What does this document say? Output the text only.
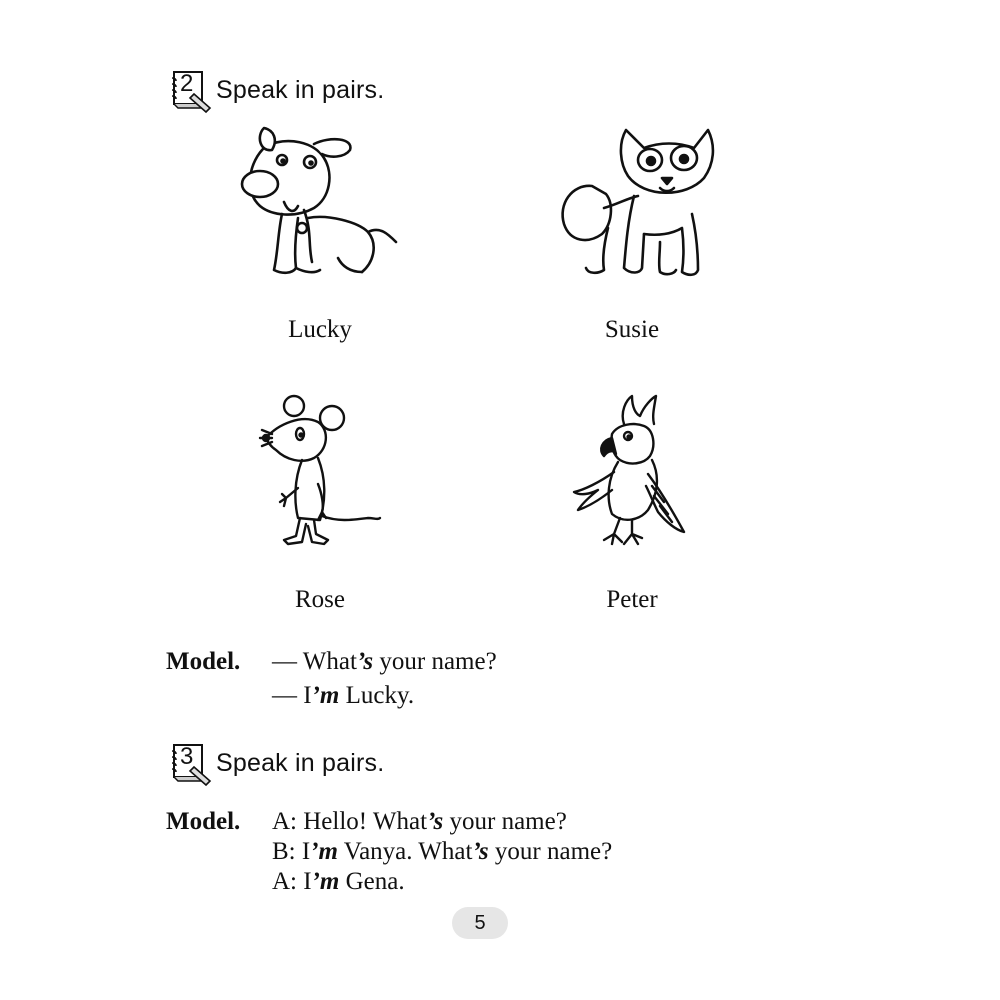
2 Speak in pairs.
Lucky	Susie
Rose	Peter
Model. — What’s your name?
— I’m Lucky.
3 Speak in pairs.
Model. A: Hello! What’s your name?
B: I’m Vanya. What’s your name?
A: I’m Gena.
5
